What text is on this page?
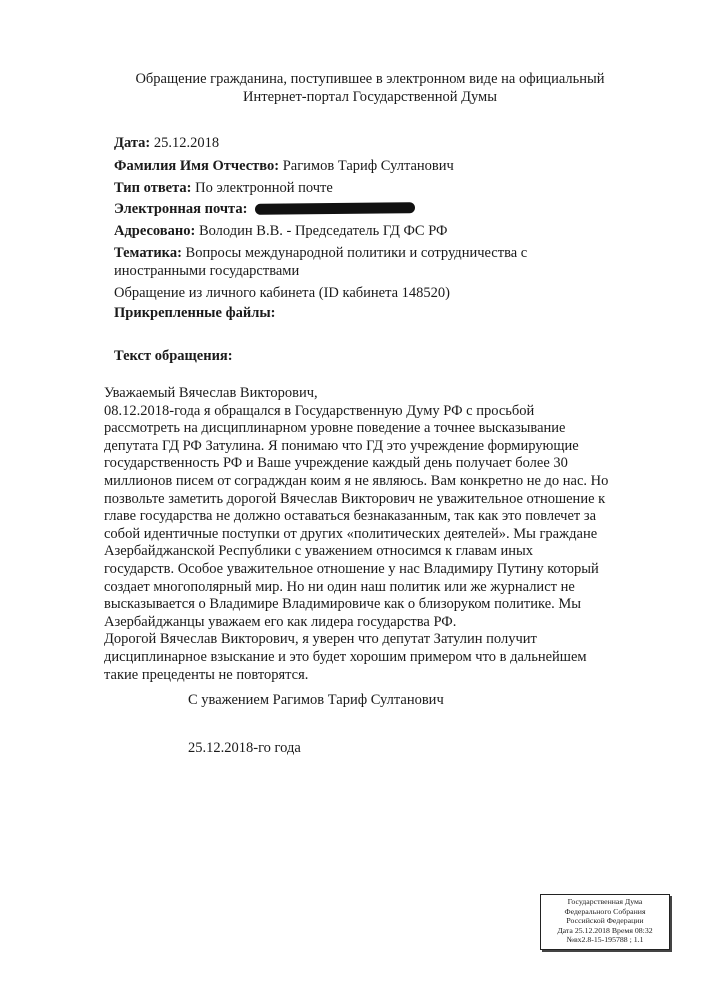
Обращение гражданина, поступившее в электронном виде на официальный
Интернет-портал Государственной Думы
Дата: 25.12.2018
Фамилия Имя Отчество: Рагимов Тариф Султанович
Тип ответа: По электронной почте
Электронная почта:
Адресовано: Володин В.В. - Председатель ГД ФС РФ
Тематика: Вопросы международной политики и сотрудничества с иностранными государствами
Обращение из личного кабинета (ID кабинета 148520)
Прикрепленные файлы:
Текст обращения:
Уважаемый Вячеслав Викторович,
08.12.2018-года я обращался в Государственную Думу РФ с просьбой
рассмотреть на дисциплинарном уровне поведение а точнее высказывание
депутата ГД РФ Затулина. Я понимаю что ГД это учреждение формирующие
государственность РФ и Ваше учреждение каждый день получает более 30
миллионов писем от соградждан коим я не являюсь. Вам конкретно не до нас. Но
позвольте заметить дорогой Вячеслав Викторович не уважительное отношение к
главе государства не должно оставаться безнаказанным, так как это повлечет за
собой идентичные поступки от других «политических деятелей». Мы граждане
Азербайджанской Республики с уважением относимся к главам иных
государств. Особое уважительное отношение у нас Владимиру Путину который
создает многополярный мир. Но ни один наш политик или же журналист не
высказывается о Владимире Владимировиче как о близоруком политике. Мы
Азербайджанцы уважаем его как лидера государства РФ.
Дорогой Вячеслав Викторович, я уверен что депутат Затулин получит
дисциплинарное взыскание и это будет хорошим примером что в дальнейшем
такие прецеденты не повторятся.
С уважением Рагимов Тариф Султанович
25.12.2018-го года
Государственная Дума
Федерального Собрания
Российской Федерации
Дата 25.12.2018 Время 08:32
№вх2.8-15-195788 ; 1.1
